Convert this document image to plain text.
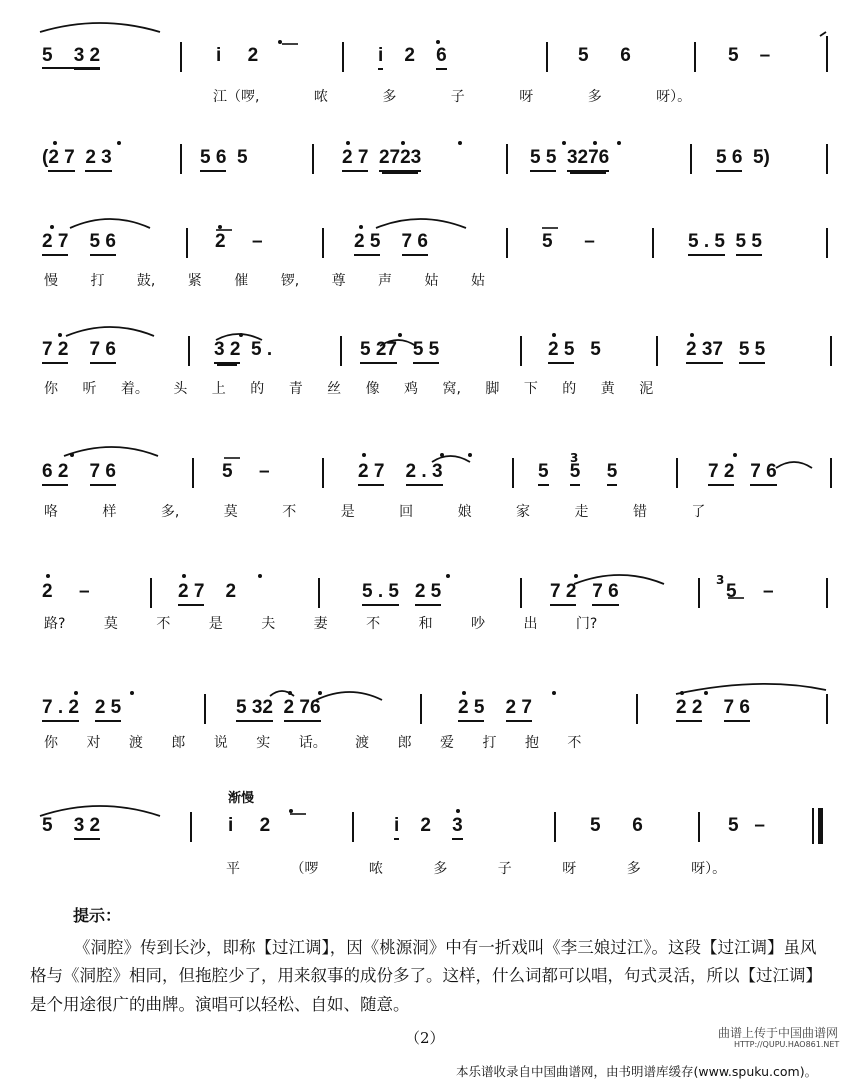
5 3 2	i     2	i    2    6	5      6	5    –
江（啰, 哝 多 子 呀 多 呀）。
(2 7 2 3	5 6  5	2 7 2723	5 5 3276	5 6  5)
2 7 5 6	2     –	2 5 7 6	5      –	5 . 5 5 5
慢 打 鼓, 紧 催 锣, 尊 声 姑 姑
7 2 7 6	3 2  5 .	5 27 5 5	2 5   5	2 37 5 5
你 听 着。 头 上 的 青 丝 像 鸡 窝, 脚 下 的 黄 泥
6 2 7 6	5     –	2 7 2 . 3	5 5 5	7 2 7 6
咯 样 多, 莫 不 是 回 娘 家 走 错 了
3
2     –	2 7    2	5 . 5 2 5	7 2 7 6	5     –
路? 莫 不 是 夫 妻 不 和 吵 出 门?
3
7 . 2 2 5	5 32 2 76	2 5 2 7	2 2 7 6
你 对 渡 郎 说 实 话。 渡 郎 爱 打 抱 不
渐慢
5    3 2	i     2	i    2    3	5      6	5   –
平 （啰 哝 多 子 呀 多 呀）。
提示：
《洞腔》传到长沙，即称【过江调】，因《桃源洞》中有一折戏叫《李三娘过江》。这段【过江调】虽风格与《洞腔》相同，但拖腔少了，用来叙事的成份多了。这样，什么词都可以唱，句式灵活，所以【过江调】是个用途很广的曲牌。演唱可以轻松、自如、随意。
（2）	曲谱上传于中国曲谱网
HTTP://QUPU.HAO861.NET
本乐谱收录自中国曲谱网，由书明谱库缓存(www.spuku.com)。
